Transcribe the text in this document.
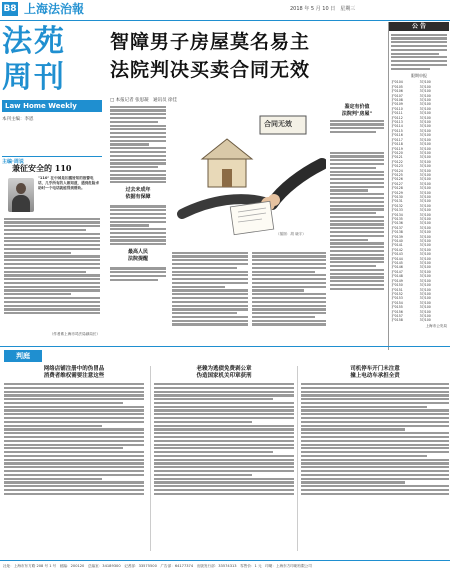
B8 上海法治報	2018 年 5 月 10 日　星期三
法苑
周刊
Law Home Weekly
本刊主编：李恩
主编·周说
兼征安全的 110
"110" 在中国是妇孺皆知的报警电话，几乎所有的人都知道，遇到危险求助时一个电话就能得到帮助。
（作者系上海市司法局副局长）
智障男子房屋莫名易主
法院判决买卖合同无效
□ 本报记者 张思凝　通讯员 徐佳
过去未成年
依据有保障
最高人民
法院提醒
合同无效
（插图：胡 晓宇）
鉴定有价值
法院判"房屋"
公 告
限期申报
沪0104	37/100
沪0105	37/100
沪0106	37/100
沪0107	37/100
沪0108	37/100
沪0109	37/100
沪0110	37/100
沪0111	37/100
沪0112	37/100
沪0113	37/100
沪0114	37/100
沪0115	37/100
沪0116	37/100
沪0117	37/100
沪0118	37/100
沪0119	37/100
沪0120	37/100
沪0121	37/100
沪0122	37/100
沪0123	37/100
沪0124	37/100
沪0125	37/100
沪0126	37/100
沪0127	37/100
沪0128	37/100
沪0129	37/100
沪0130	37/100
沪0131	37/100
沪0132	37/100
沪0133	37/100
沪0134	37/100
沪0135	37/100
沪0136	37/100
沪0137	37/100
沪0138	37/100
沪0139	37/100
沪0140	37/100
沪0141	37/100
沪0142	37/100
沪0143	37/100
沪0144	37/100
沪0145	37/100
沪0146	37/100
沪0147	37/100
沪0148	37/100
沪0149	37/100
沪0150	37/100
沪0151	37/100
沪0152	37/100
沪0153	37/100
沪0154	37/100
沪0155	37/100
沪0156	37/100
沪0157	37/100
沪0158	37/100
上海市公安局
判庭
网络店铺注册中的伪冒品
消费者维权需要注意这些
老赖为逃债免费剥公章
伪造国家机关印章获刑
司机停车开门未注意
撞上电动车承担全责
社址：上海市东方路 208 号 1 号　邮编：200120　总编室：34189300　记者部：33575500　广告部：64177374　出版发行部：33574313　零售价：1 元　印刷：上海东方印刷有限公司
